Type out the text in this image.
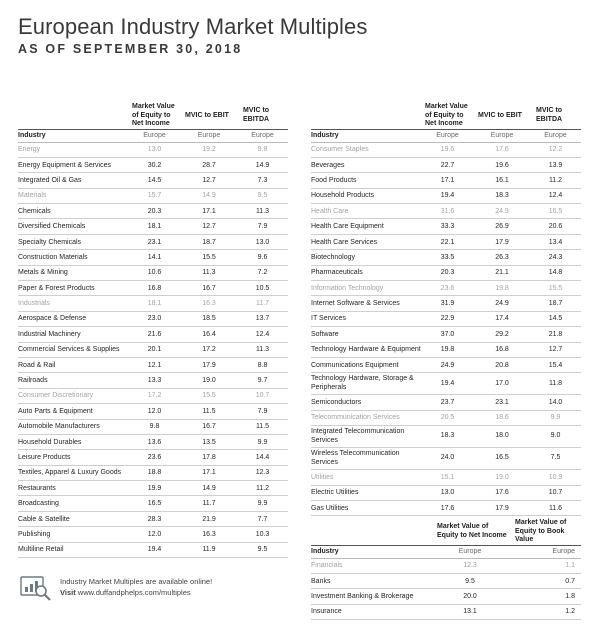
European Industry Market Multiples
AS OF SEPTEMBER 30, 2018
	Market Value of Equity to Net Income	MVIC to EBIT	MVIC to EBITDA
Industry	Europe	Europe	Europe
Energy	13.0	19.2	9.8
Energy Equipment & Services	30.2	28.7	14.9
Integrated Oil & Gas	14.5	12.7	7.3
Materials	15.7	14.9	9.5
Chemicals	20.3	17.1	11.3
Diversified Chemicals	18.1	12.7	7.9
Specialty Chemicals	23.1	18.7	13.0
Construction Materials	14.1	15.5	9.6
Metals & Mining	10.6	11.3	7.2
Paper & Forest Products	16.8	16.7	10.5
Industrials	18.1	16.3	11.7
Aerospace & Defense	23.0	18.5	13.7
Industrial Machinery	21.6	16.4	12.4
Commercial Services & Supplies	20.1	17.2	11.3
Road & Rail	12.1	17.9	8.8
Railroads	13.3	19.0	9.7
Consumer Discretionary	17.2	15.5	10.7
Auto Parts & Equipment	12.0	11.5	7.9
Automobile Manufacturers	9.8	16.7	11.5
Household Durables	13.6	13.5	9.9
Leisure Products	23.6	17.8	14.4
Textiles, Apparel & Luxury Goods	18.8	17.1	12.3
Restaurants	19.9	14.9	11.2
Broadcasting	16.5	11.7	9.9
Cable & Satellite	28.3	21.9	7.7
Publishing	12.0	16.3	10.3
Multiline Retail	19.4	11.9	9.5
	Market Value of Equity to Net Income	MVIC to EBIT	MVIC to EBITDA
Industry	Europe	Europe	Europe
Consumer Staples	19.6	17.6	12.2
Beverages	22.7	19.6	13.9
Food Products	17.1	16.1	11.2
Household Products	19.4	18.3	12.4
Health Care	31.6	24.9	16.5
Health Care Equipment	33.3	26.9	20.6
Health Care Services	22.1	17.9	13.4
Biotechnology	33.5	26.3	24.3
Pharmaceuticals	20.3	21.1	14.8
Information Technology	23.6	19.8	15.5
Internet Software & Services	31.9	24.9	18.7
IT Services	22.9	17.4	14.5
Software	37.0	29.2	21.8
Technology Hardware & Equipment	19.8	16.8	12.7
Communications Equipment	24.9	20.8	15.4
Technology Hardware, Storage & Peripherals	19.4	17.0	11.8
Semiconductors	23.7	23.1	14.0
Telecommunication Services	20.5	18.6	9.9
Integrated Telecommunication Services	18.3	18.0	9.0
Wireless Telecommunication Services	24.0	16.5	7.5
Utilities	15.1	19.0	10.9
Electric Utilities	13.0	17.6	10.7
Gas Utilities	17.6	17.9	11.6
	Market Value of Equity to Net Income	Market Value of Equity to Book Value
Industry	Europe	Europe
Financials	12.3	1.1
Banks	9.5	0.7
Investment Banking & Brokerage	20.0	1.8
Insurance	13.1	1.2
Industry Market Multiples are available online!
Visit www.duffandphelps.com/multiples
